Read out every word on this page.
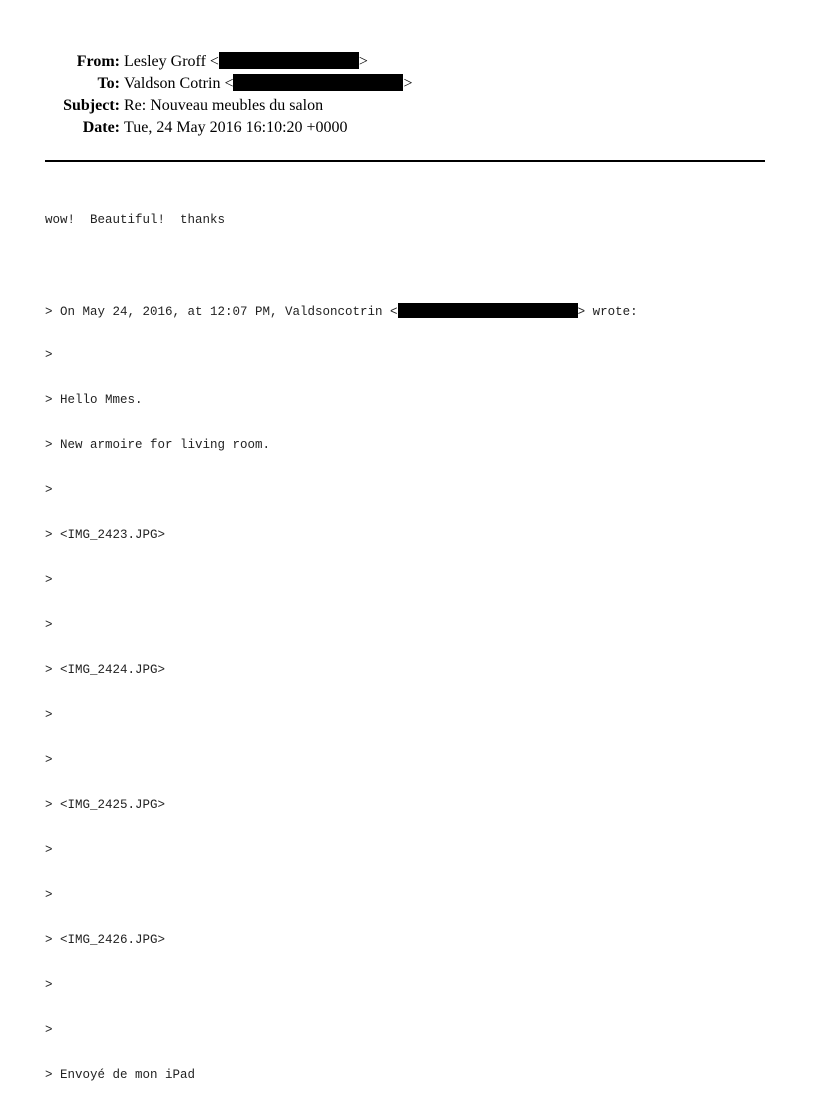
From: Lesley Groff <	>
To: Valdson Cotrin <	>
Subject: Re: Nouveau meubles du salon
Date: Tue, 24 May 2016 16:10:20 +0000

wow!  Beautiful!  thanks

> On May 24, 2016, at 12:07 PM, Valdsoncotrin <	> wrote:

>

> Hello Mmes.

> New armoire for living room.

>

> <IMG_2423.JPG>

>

>

> <IMG_2424.JPG>

>

>

> <IMG_2425.JPG>

>

>

> <IMG_2426.JPG>

>

>

> Envoyé de mon iPad
